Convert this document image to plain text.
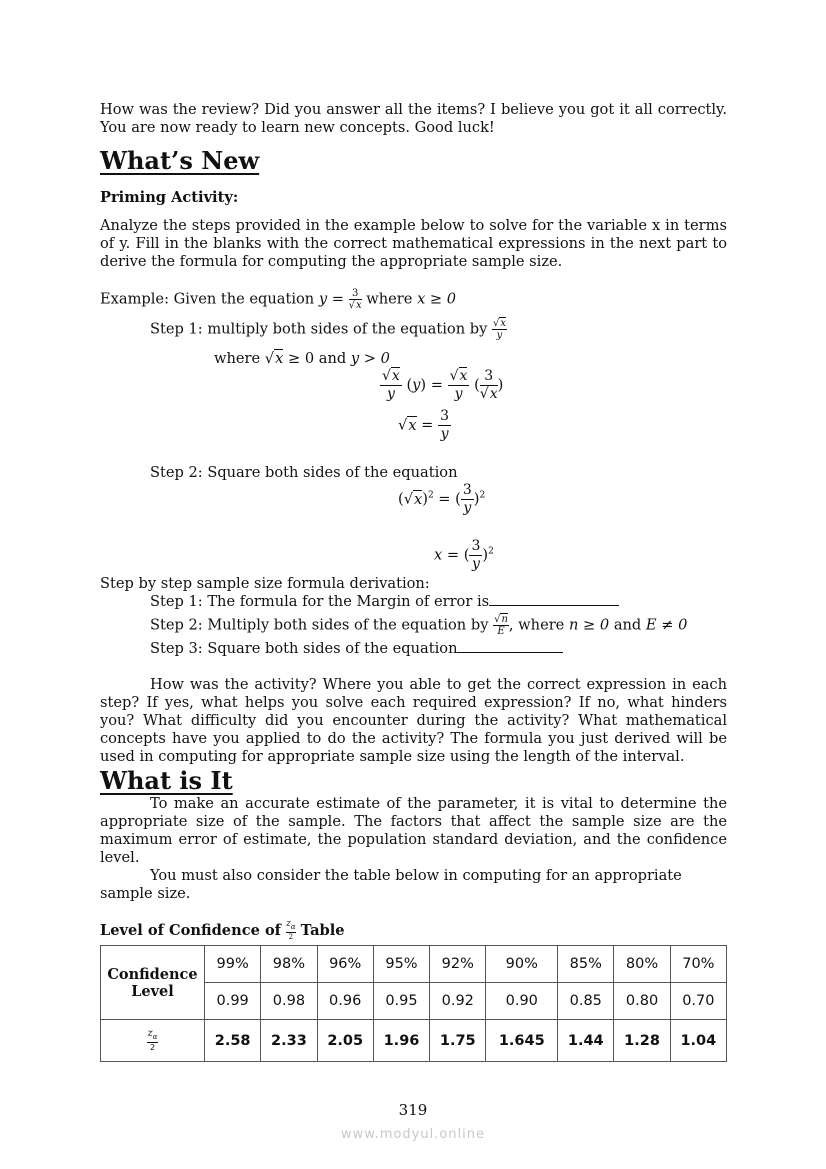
How was the review? Did you answer all the items? I believe you got it all correctly. You are now ready to learn new concepts. Good luck!

What’s New

Priming Activity:

Analyze the steps provided in the example below to solve for the variable x in terms of y. Fill in the blanks with the correct mathematical expressions in the next part to derive the formula for computing the appropriate sample size.

Example: Given the equation $y = \frac{3}{√x}$ where x ≥ 0
Step 1: multiply both sides of the equation by $\frac{√x}{y}$
where √x ≥ 0 and y > 0
$\frac{√x}{y} (y) = \frac{√x}{y}$ ( $\frac{3}{√x}$ )
$√x = \frac{3}{y}$
Step 2: Square both sides of the equation
$(√x)^2$ = ( $\frac{3}{y} )^2$
x = ( $\frac{3}{y} )^2$
Step by step sample size formula derivation:
Step 1: The formula for the Margin of error is
Step 2: Multiply both sides of the equation by $\frac{√n}{E}$ , where n ≥ 0 and E ≠ 0
Step 3: Square both sides of the equation

How was the activity? Where you able to get the correct expression in each step? If yes, what helps you solve each required expression? If no, what hinders you? What difficulty did you encounter during the activity? What mathematical concepts have you applied to do the activity? The formula you just derived will be used in computing for appropriate sample size using the length of the interval.

What is It

To make an accurate estimate of the parameter, it is vital to determine the appropriate size of the sample. The factors that affect the sample size are the maximum error of estimate, the population standard deviation, and the confidence level.

You must also consider the table below in computing for an appropriate sample size.

Level of Confidence of $\frac{z_\alpha}{2}$ Table
Confidence Level	99%	98%	96%	95%	92%	90%	85%	80%	70%
	0.99	0.98	0.96	0.95	0.92	0.90	0.85	0.80	0.70

$\frac{z_\alpha}{2}$	2.58	2.33	2.05	1.96	1.75	1.645	1.44	1.28	1.04
319
www.modyul.online
